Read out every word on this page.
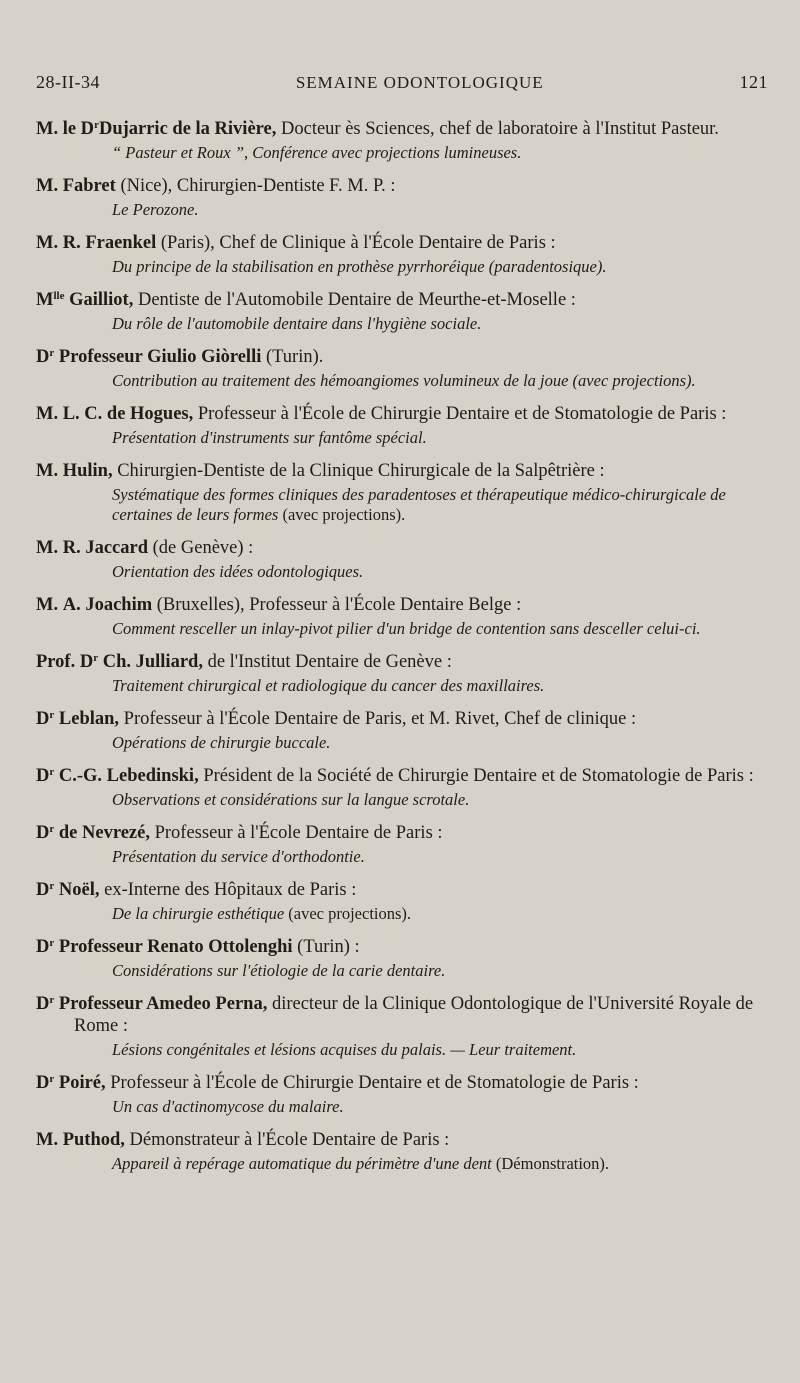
28-II-34	SEMAINE ODONTOLOGIQUE	121
M. le $D^rDujarric$ de la Rivière, Docteur ès Sciences, chef de laboratoire à l'Institut Pasteur.
“ Pasteur et Roux ”, Conférence avec projections lumineuses.
M. Fabret (Nice), Chirurgien-Dentiste F. M. P. :
Le Perozone.
M. R. Fraenkel (Paris), Chef de Clinique à l'École Dentaire de Paris :
Du principe de la stabilisation en prothèse pyrrhoréique (paradentosique).
$M^{lle}$ Gailliot, Dentiste de l'Automobile Dentaire de Meurthe-et-Moselle :
Du rôle de l'automobile dentaire dans l'hygiène sociale.
$D^r$ Professeur Giulio Giòrelli (Turin).
Contribution au traitement des hémoangiomes volumineux de la joue (avec projections).
M. L. C. de Hogues, Professeur à l'École de Chirurgie Dentaire et de Stomatologie de Paris :
Présentation d'instruments sur fantôme spécial.
M. Hulin, Chirurgien-Dentiste de la Clinique Chirurgicale de la Salpêtrière :
Systématique des formes cliniques des paradentoses et thérapeutique médico-chirurgicale de certaines de leurs formes (avec projections).
M. R. Jaccard (de Genève) :
Orientation des idées odontologiques.
M. A. Joachim (Bruxelles), Professeur à l'École Dentaire Belge :
Comment resceller un inlay-pivot pilier d'un bridge de contention sans desceller celui-ci.
Prof. $D^r$ Ch. Julliard, de l'Institut Dentaire de Genève :
Traitement chirurgical et radiologique du cancer des maxillaires.
$D^r$ Leblan, Professeur à l'École Dentaire de Paris, et M. Rivet, Chef de clinique :
Opérations de chirurgie buccale.
$D^r$ C.-G. Lebedinski, Président de la Société de Chirurgie Dentaire et de Stomatologie de Paris :
Observations et considérations sur la langue scrotale.
$D^r$ de Nevrezé, Professeur à l'École Dentaire de Paris :
Présentation du service d'orthodontie.
$D^r$ Noël, ex-Interne des Hôpitaux de Paris :
De la chirurgie esthétique (avec projections).
$D^r$ Professeur Renato Ottolenghi (Turin) :
Considérations sur l'étiologie de la carie dentaire.
$D^r$ Professeur Amedeo Perna, directeur de la Clinique Odontologique de l'Université Royale de Rome :
Lésions congénitales et lésions acquises du palais. — Leur traitement.
$D^r$ Poiré, Professeur à l'École de Chirurgie Dentaire et de Stomatologie de Paris :
Un cas d'actinomycose du malaire.
M. Puthod, Démonstrateur à l'École Dentaire de Paris :
Appareil à repérage automatique du périmètre d'une dent (Démonstration).
